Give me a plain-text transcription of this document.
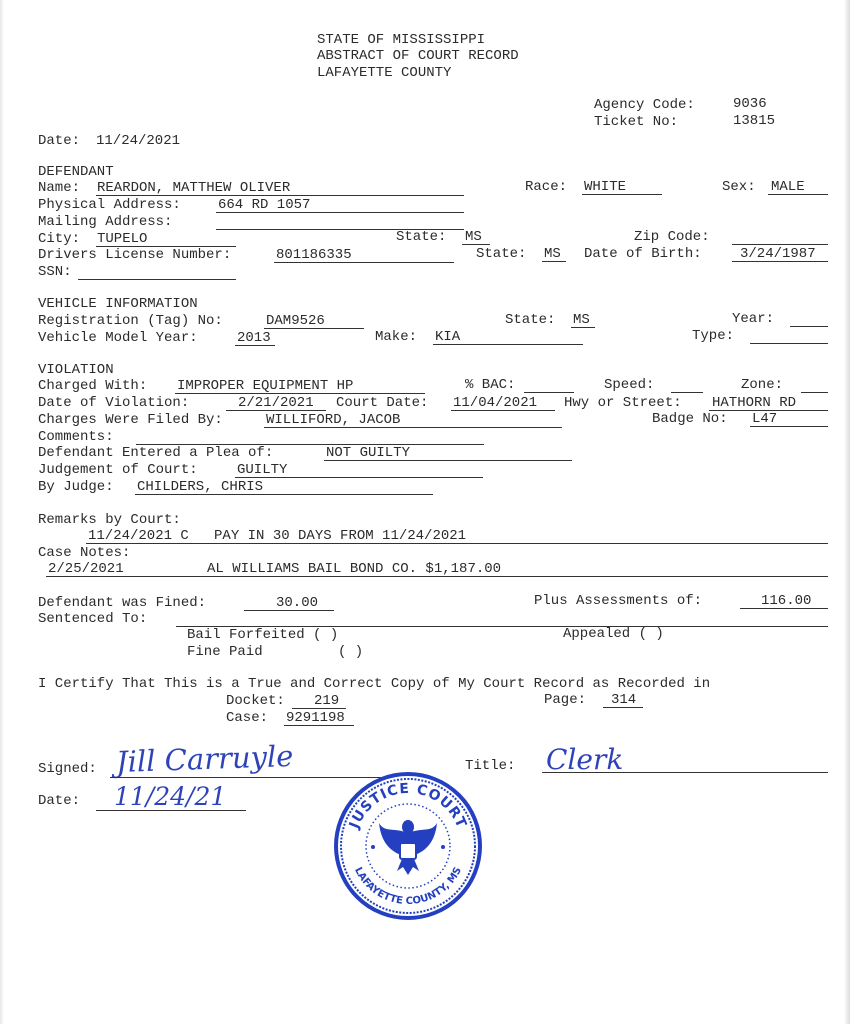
STATE OF MISSISSIPPI
ABSTRACT OF COURT RECORD
LAFAYETTE COUNTY
Agency Code:	9036
Ticket No:	13815
Date: 11/24/2021
DEFENDANT
Name: REARDON, MATTHEW OLIVER	Race: WHITE	Sex: MALE
Physical Address:	664 RD 1057
Mailing Address:
City: TUPELO	State: MS	Zip Code:
Drivers License Number:	801186335	State: MS Date of Birth:	3/24/1987
SSN:
VEHICLE INFORMATION
Registration (Tag) No:	DAM9526	State: MS	Year:
Vehicle Model Year:	2013	Make: KIA	Type:
VIOLATION
Charged With: IMPROPER EQUIPMENT HP	% BAC:	Speed:	Zone:
Date of Violation:	2/21/2021 Court Date: 11/04/2021 Hwy or Street: HATHORN RD
Charges Were Filed By:	WILLIFORD, JACOB	Badge No: L47
Comments:
Defendant Entered a Plea of:	NOT GUILTY
Judgement of Court:	GUILTY
By Judge: CHILDERS, CHRIS
Remarks by Court:
11/24/2021 C   PAY IN 30 DAYS FROM 11/24/2021
Case Notes:
2/25/2021	AL WILLIAMS BAIL BOND CO. $1,187.00
Defendant was Fined:	30.00	Plus Assessments of:	116.00
Sentenced To:
Bail Forfeited ( )	Appealed ( )
Fine Paid	( )
I Certify That This is a True and Correct Copy of My Court Record as Recorded in
Docket: 219	Page: 314
Case: 9291198
Signed: Jill Carruyle	Title: Clerk
Date: 11/24/21
JUSTICE COURT
LAFAYETTE COUNTY, MS
